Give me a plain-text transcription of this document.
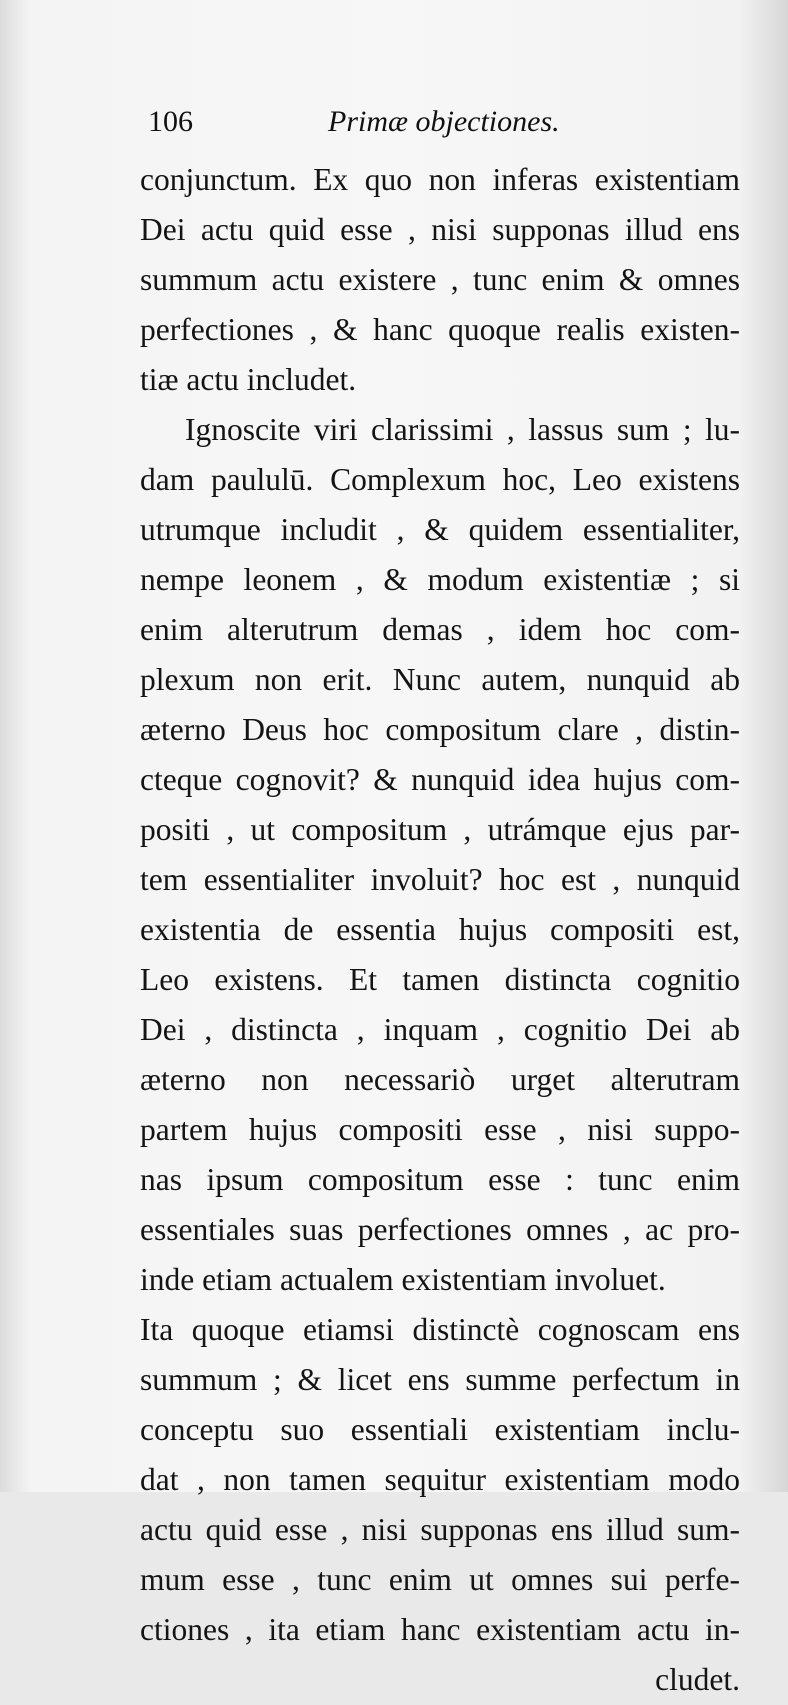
106	Primæ objectiones.
conjunctum. Ex quo non inferas existentiam
Dei actu quid esse , nisi supponas illud ens
summum actu existere , tunc enim & omnes
perfectiones , & hanc quoque realis existen-
tiæ actu includet.
Ignoscite viri clarissimi , lassus sum ; lu-
dam paululū. Complexum hoc, Leo existens
utrumque includit , & quidem essentialiter,
nempe leonem , & modum existentiæ ; si
enim alterutrum demas , idem hoc com-
plexum non erit. Nunc autem, nunquid ab
æterno Deus hoc compositum clare , distin-
cteque cognovit? & nunquid idea hujus com-
positi , ut compositum , utrámque ejus par-
tem essentialiter involuit? hoc est , nunquid
existentia de essentia hujus compositi est,
Leo existens. Et tamen distincta cognitio
Dei , distincta , inquam , cognitio Dei ab
æterno non necessariò urget alterutram
partem hujus compositi esse , nisi suppo-
nas ipsum compositum esse : tunc enim
essentiales suas perfectiones omnes , ac pro-
inde etiam actualem existentiam involuet.
Ita quoque etiamsi distinctè cognoscam ens
summum ; & licet ens summe perfectum in
conceptu suo essentiali existentiam inclu-
dat , non tamen sequitur existentiam modo
actu quid esse , nisi supponas ens illud sum-
mum esse , tunc enim ut omnes sui perfe-
ctiones , ita etiam hanc existentiam actu in-
cludet.
